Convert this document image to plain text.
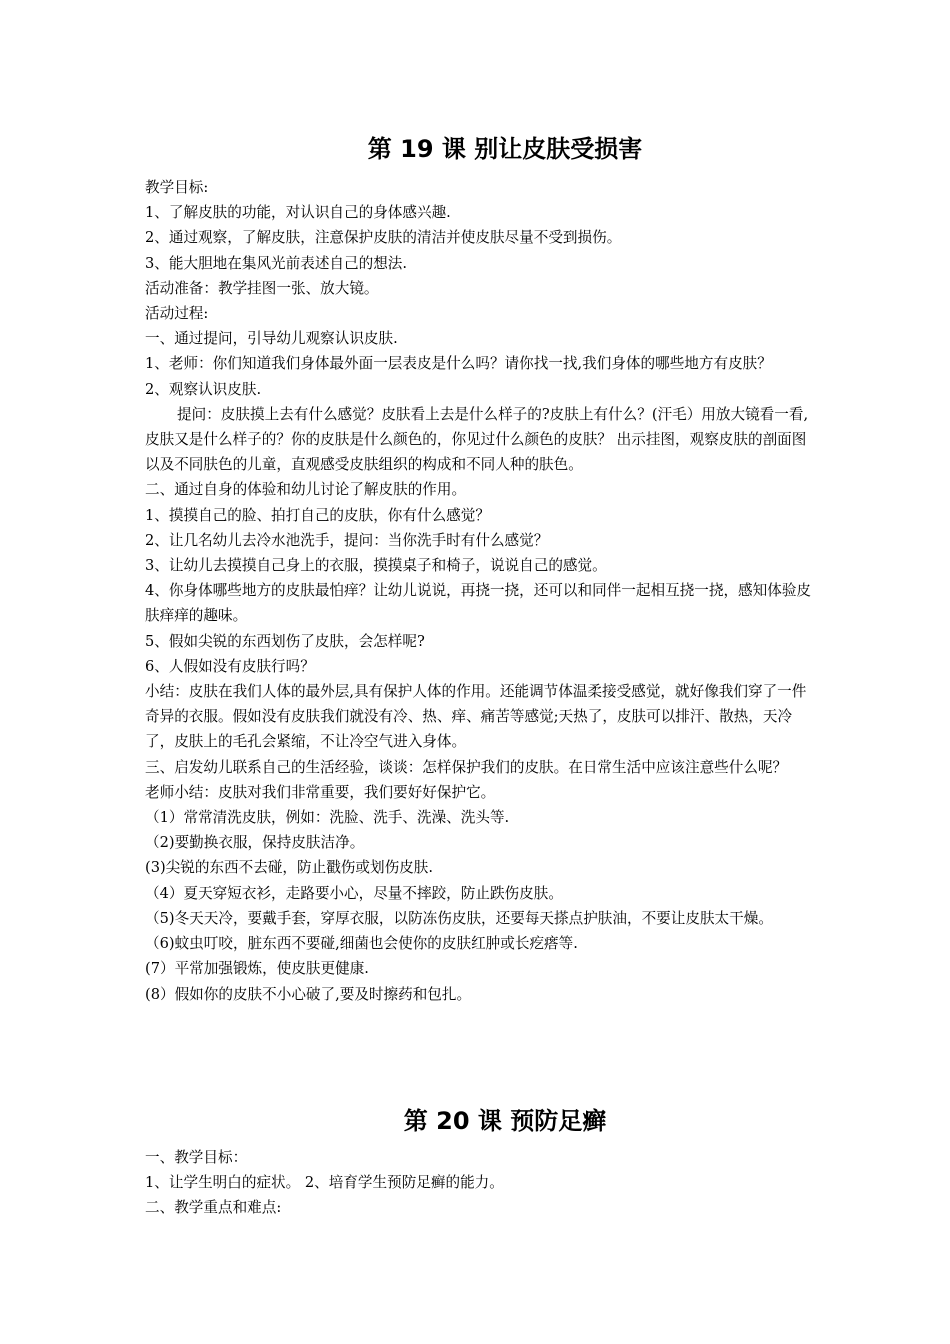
第 19 课 别让皮肤受损害

教学目标:

1、了解皮肤的功能，对认识自己的身体感兴趣.

2、通过观察，了解皮肤，注意保护皮肤的清洁并使皮肤尽量不受到损伤。

3、能大胆地在集风光前表述自己的想法.

活动准备：教学挂图一张、放大镜。

活动过程:

一、通过提问，引导幼儿观察认识皮肤.

1、老师：你们知道我们身体最外面一层表皮是什么吗？请你找一找,我们身体的哪些地方有皮肤？

2、观察认识皮肤.

提问：皮肤摸上去有什么感觉？皮肤看上去是什么样子的?皮肤上有什么？(汗毛）用放大镜看一看,皮肤又是什么样子的？你的皮肤是什么颜色的，你见过什么颜色的皮肤？ 出示挂图，观察皮肤的剖面图以及不同肤色的儿童，直观感受皮肤组织的构成和不同人种的肤色。

二、通过自身的体验和幼儿讨论了解皮肤的作用。

1、摸摸自己的脸、拍打自己的皮肤，你有什么感觉？

2、让几名幼儿去冷水池洗手，提问：当你洗手时有什么感觉？

3、让幼儿去摸摸自己身上的衣服，摸摸桌子和椅子，说说自己的感觉。

4、你身体哪些地方的皮肤最怕痒？让幼儿说说，再挠一挠，还可以和同伴一起相互挠一挠，感知体验皮肤痒痒的趣味。

5、假如尖锐的东西划伤了皮肤，会怎样呢?

6、人假如没有皮肤行吗？

小结：皮肤在我们人体的最外层,具有保护人体的作用。还能调节体温柔接受感觉，就好像我们穿了一件奇异的衣服。假如没有皮肤我们就没有冷、热、痒、痛苦等感觉;天热了，皮肤可以排汗、散热，天冷了，皮肤上的毛孔会紧缩，不让冷空气进入身体。

三、启发幼儿联系自己的生活经验，谈谈：怎样保护我们的皮肤。在日常生活中应该注意些什么呢？

老师小结：皮肤对我们非常重要，我们要好好保护它。

（1）常常清洗皮肤，例如：洗脸、洗手、洗澡、洗头等.

（2)要勤换衣服，保持皮肤洁净。

(3)尖锐的东西不去碰，防止戳伤或划伤皮肤.

（4）夏天穿短衣衫，走路要小心，尽量不摔跤，防止跌伤皮肤。

（5)冬天天冷，要戴手套，穿厚衣服，以防冻伤皮肤，还要每天搽点护肤油，不要让皮肤太干燥。

（6)蚊虫叮咬，脏东西不要碰,细菌也会使你的皮肤红肿或长疙瘩等.

(7）平常加强锻炼，使皮肤更健康.

(8）假如你的皮肤不小心破了,要及时擦药和包扎。

第 20 课 预防足癣

一、教学目标：

1、让学生明白的症状。 2、培育学生预防足癣的能力。

二、教学重点和难点:
